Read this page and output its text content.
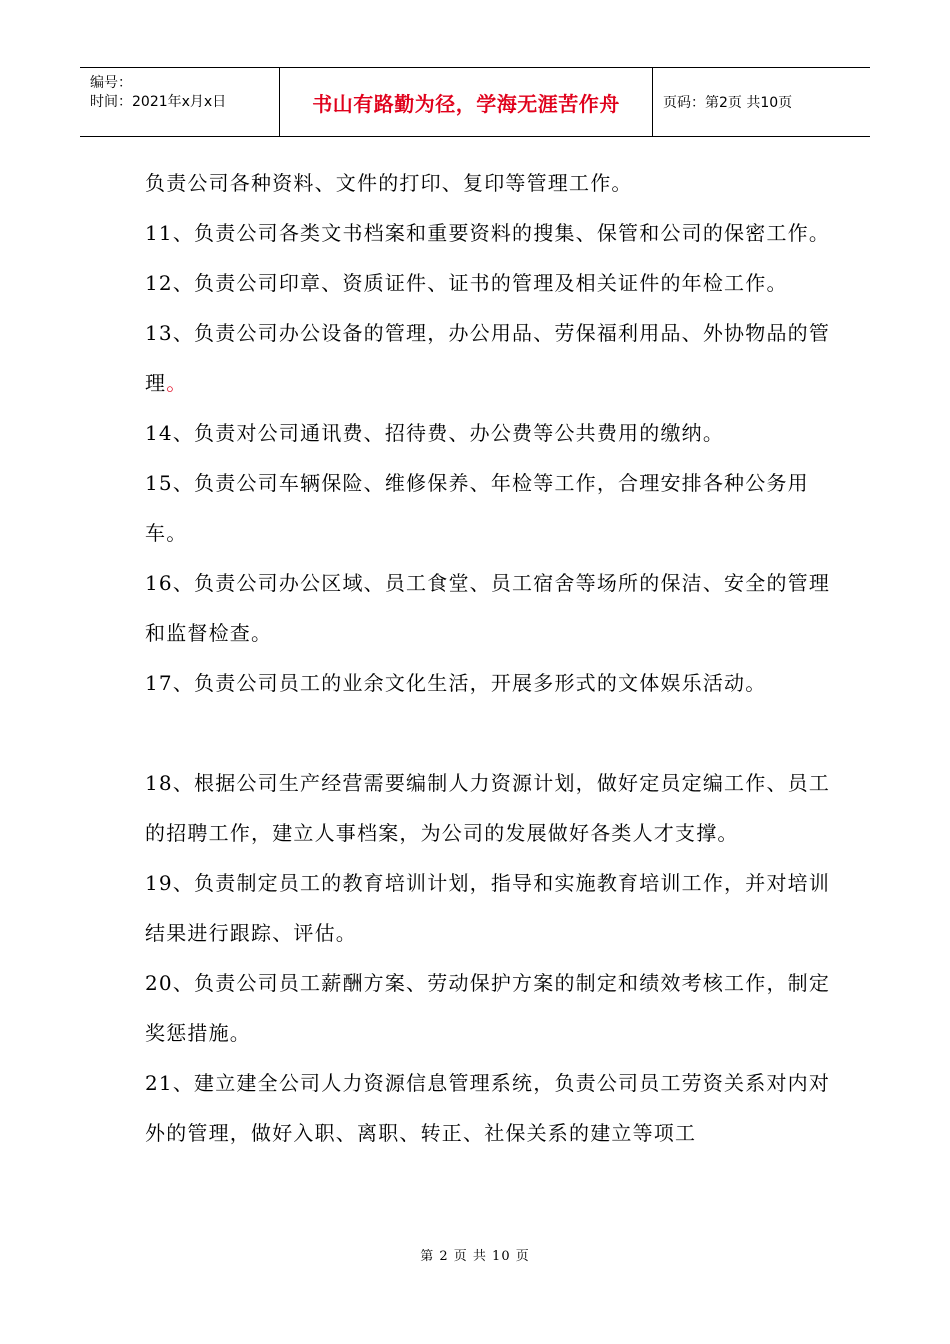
编号：
时间：2021年x月x日	书山有路勤为径，学海无涯苦作舟	页码：第2页 共10页

负责公司各种资料、文件的打印、复印等管理工作。

11、负责公司各类文书档案和重要资料的搜集、保管和公司的保密工作。

12、负责公司印章、资质证件、证书的管理及相关证件的年检工作。

13、负责公司办公设备的管理，办公用品、劳保福利用品、外协物品的管理。

14、负责对公司通讯费、招待费、办公费等公共费用的缴纳。

15、负责公司车辆保险、维修保养、年检等工作，合理安排各种公务用车。

16、负责公司办公区域、员工食堂、员工宿舍等场所的保洁、安全的管理和监督检查。

17、负责公司员工的业余文化生活，开展多形式的文体娱乐活动。

18、根据公司生产经营需要编制人力资源计划，做好定员定编工作、员工的招聘工作，建立人事档案，为公司的发展做好各类人才支撑。

19、负责制定员工的教育培训计划，指导和实施教育培训工作，并对培训结果进行跟踪、评估。

20、负责公司员工薪酬方案、劳动保护方案的制定和绩效考核工作，制定奖惩措施。

21、建立建全公司人力资源信息管理系统，负责公司员工劳资关系对内对外的管理，做好入职、离职、转正、社保关系的建立等项工

第 2 页 共 10 页
